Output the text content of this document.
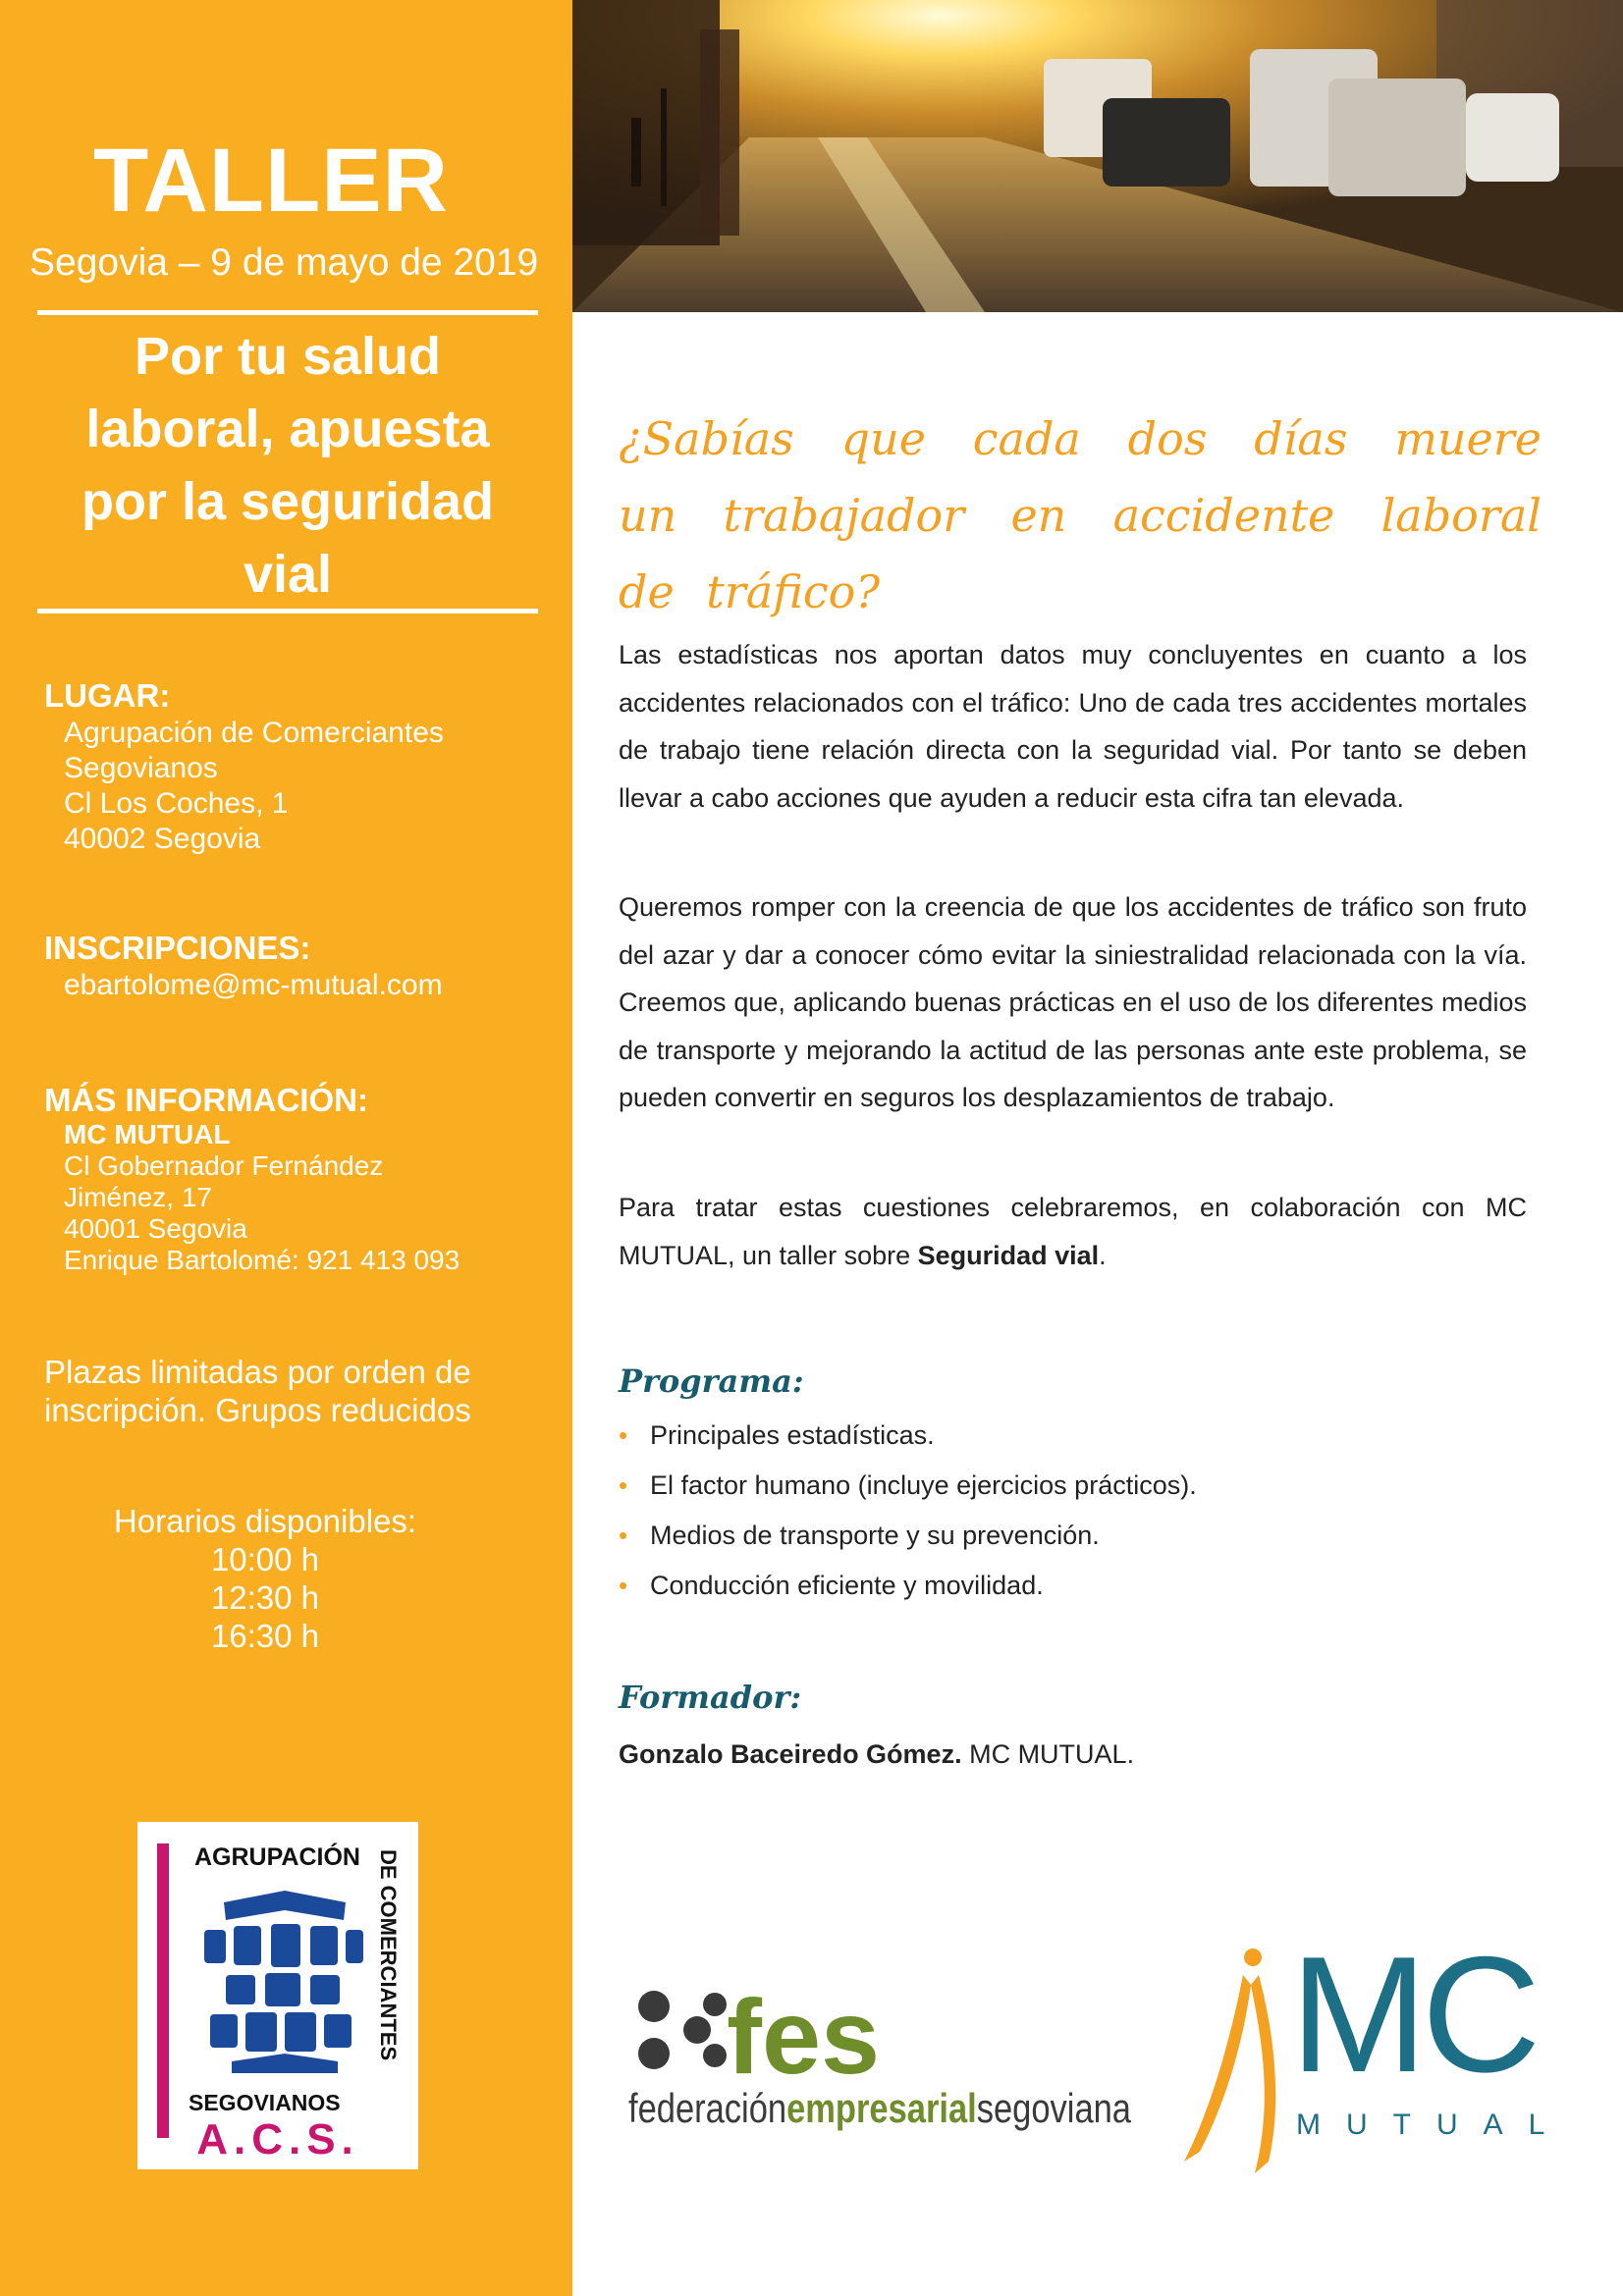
TALLER
Segovia – 9 de mayo de 2019
Por tu salud laboral, apuesta por la seguridad vial
LUGAR:
Agrupación de Comerciantes
Segovianos
Cl Los Coches, 1
40002 Segovia
INSCRIPCIONES:
ebartolome@mc-mutual.com
MÁS INFORMACIÓN:
MC MUTUAL
Cl Gobernador Fernández
Jiménez, 17
40001 Segovia
Enrique Bartolomé: 921 413 093
Plazas limitadas por orden de inscripción. Grupos reducidos
Horarios disponibles:
10:00 h
12:30 h
16:30 h
AGRUPACIÓN DE COMERCIANTES
SEGOVIANOS
A.C.S.
¿Sabías que cada dos días muere un trabajador en accidente laboral de tráfico?
Las estadísticas nos aportan datos muy concluyentes en cuanto a los accidentes relacionados con el tráfico: Uno de cada tres accidentes mortales de trabajo tiene relación directa con la seguridad vial. Por tanto se deben llevar a cabo acciones que ayuden a reducir esta cifra tan elevada.
Queremos romper con la creencia de que los accidentes de tráfico son fruto del azar y dar a conocer cómo evitar la siniestralidad relacionada con la vía. Creemos que, aplicando buenas prácticas en el uso de los diferentes medios de transporte y mejorando la actitud de las personas ante este problema, se pueden convertir en seguros los desplazamientos de trabajo.
Para tratar estas cuestiones celebraremos, en colaboración con MC MUTUAL, un taller sobre Seguridad vial.
Programa:
• Principales estadísticas.
• El factor humano (incluye ejercicios prácticos).
• Medios de transporte y su prevención.
• Conducción eficiente y movilidad.
Formador:
Gonzalo Baceiredo Gómez. MC MUTUAL.
fes
federaciónempresarialsegoviana
MC
MUTUAL
